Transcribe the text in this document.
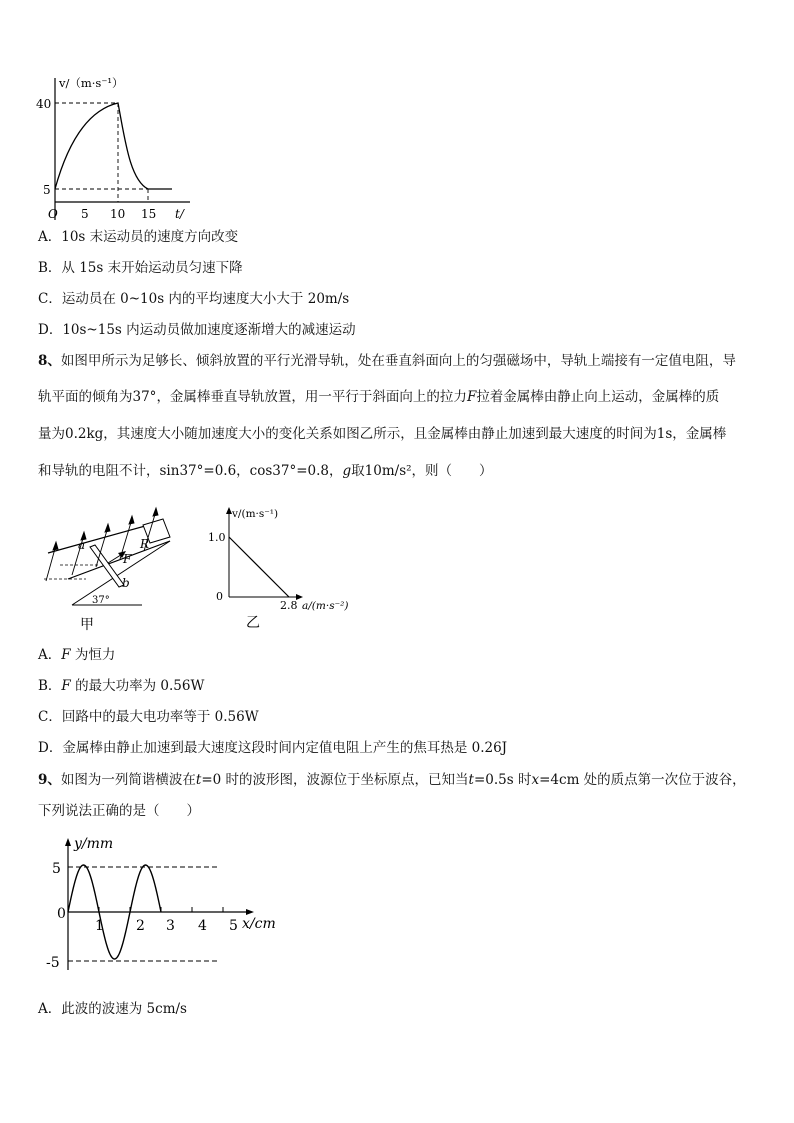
v/（m·s⁻¹）
40
5
O 5 10 15 t/
A．10s 末运动员的速度方向改变
B．从 15s 末开始运动员匀速下降
C．运动员在 0~10s 内的平均速度大小大于 20m/s
D．10s~15s 内运动员做加速度逐渐增大的减速运动
8、如图甲所示为足够长、倾斜放置的平行光滑导轨，处在垂直斜面向上的匀强磁场中，导轨上端接有一定值电阻，导
轨平面的倾角为37°，金属棒垂直导轨放置，用一平行于斜面向上的拉力F拉着金属棒由静止向上运动，金属棒的质
量为0.2kg，其速度大小随加速度大小的变化关系如图乙所示，且金属棒由静止加速到最大速度的时间为1s，金属棒
和导轨的电阻不计，sin37°=0.6，cos37°=0.8，g取10m/s²，则（　　）
a	R
F
b
37°
甲
v/(m·s⁻¹)
1.0
0
2.8 a/(m·s⁻²)
乙
A．F 为恒力
B．F 的最大功率为 0.56W
C．回路中的最大电功率等于 0.56W
D．金属棒由静止加速到最大速度这段时间内定值电阻上产生的焦耳热是 0.26J
9、如图为一列简谐横波在t=0 时的波形图，波源位于坐标原点，已知当t=0.5s 时x=4cm 处的质点第一次位于波谷，
下列说法正确的是（　　）
y/mm
5
0
-5
1 2 3 4 5 x/cm
A．此波的波速为 5cm/s
